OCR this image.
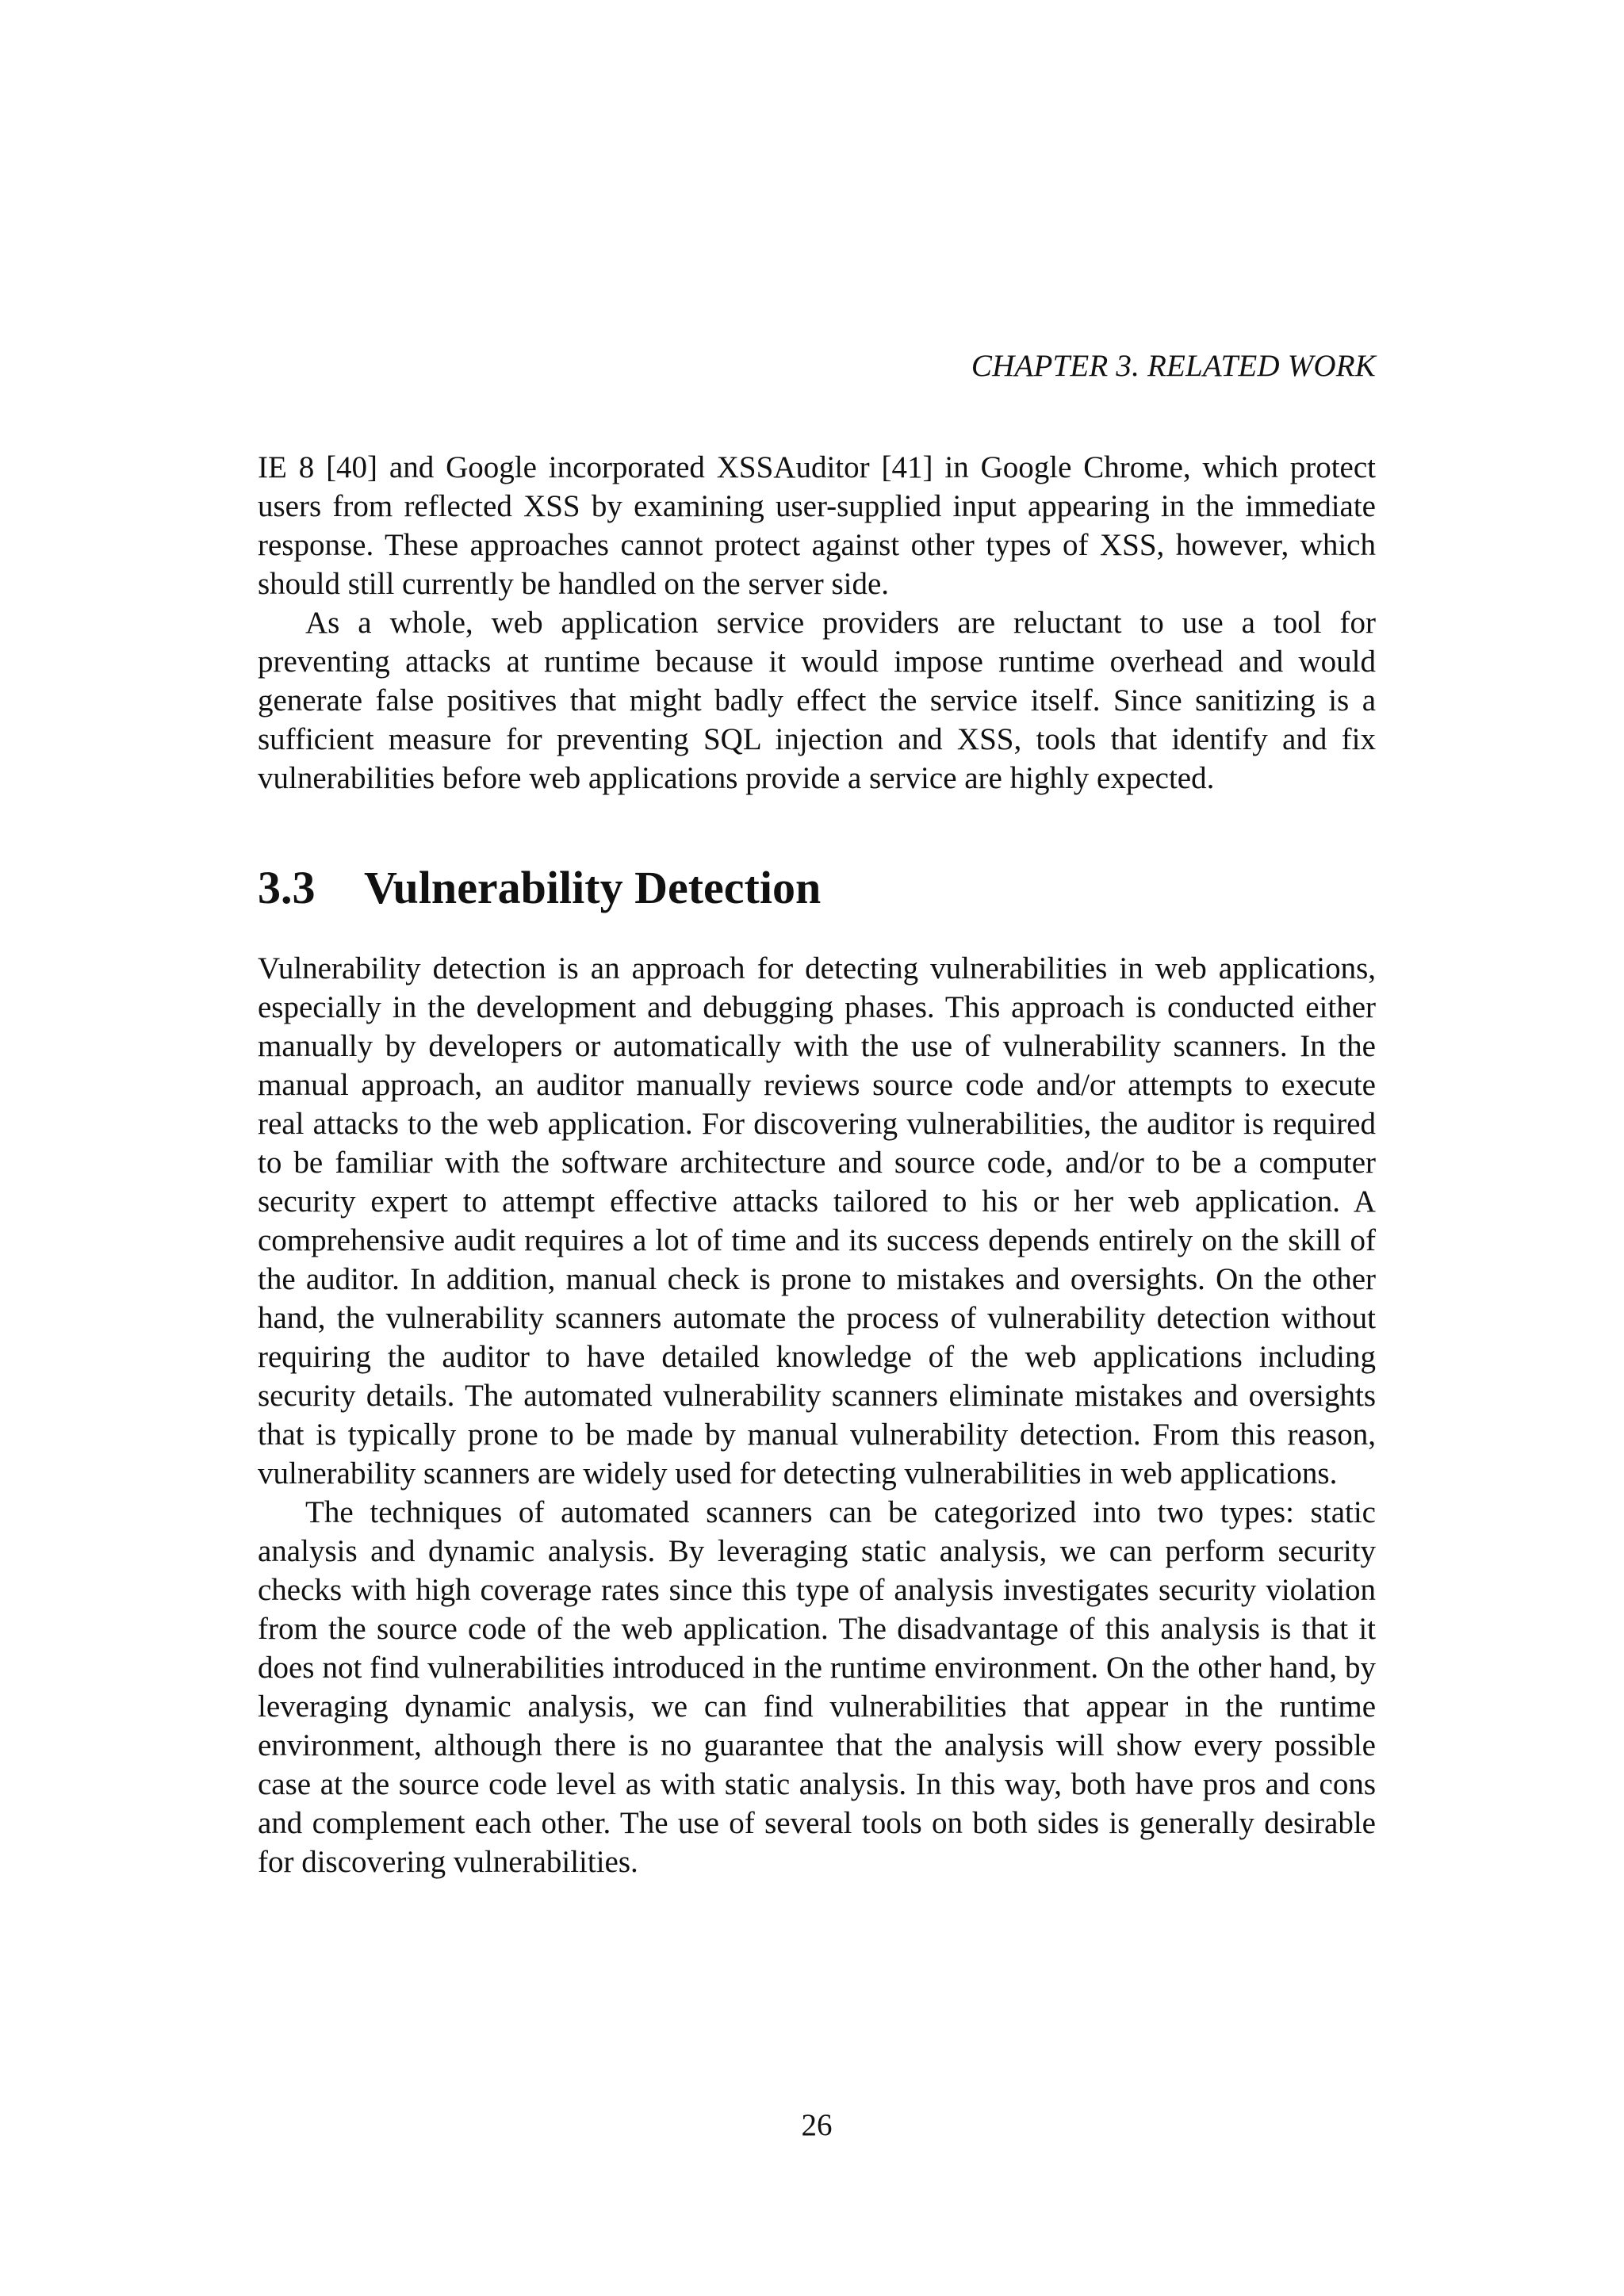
CHAPTER 3. RELATED WORK

IE 8 [40] and Google incorporated XSSAuditor [41] in Google Chrome, which protect users from reflected XSS by examining user-supplied input appearing in the immediate response. These approaches cannot protect against other types of XSS, however, which should still currently be handled on the server side.

As a whole, web application service providers are reluctant to use a tool for preventing attacks at runtime because it would impose runtime overhead and would generate false positives that might badly effect the service itself. Since sanitizing is a sufficient measure for preventing SQL injection and XSS, tools that identify and fix vulnerabilities before web applications provide a service are highly expected.

3.3 Vulnerability Detection

Vulnerability detection is an approach for detecting vulnerabilities in web applications, especially in the development and debugging phases. This approach is conducted either manually by developers or automatically with the use of vulnerability scanners. In the manual approach, an auditor manually reviews source code and/or attempts to execute real attacks to the web application. For discovering vulnerabilities, the auditor is required to be familiar with the software architecture and source code, and/or to be a computer security expert to attempt effective attacks tailored to his or her web application. A comprehensive audit requires a lot of time and its success depends entirely on the skill of the auditor. In addition, manual check is prone to mistakes and oversights. On the other hand, the vulnerability scanners automate the process of vulnerability detection without requiring the auditor to have detailed knowledge of the web applications including security details. The automated vulnerability scanners eliminate mistakes and oversights that is typically prone to be made by manual vulnerability detection. From this reason, vulnerability scanners are widely used for detecting vulnerabilities in web applications.

The techniques of automated scanners can be categorized into two types: static analysis and dynamic analysis. By leveraging static analysis, we can perform security checks with high coverage rates since this type of analysis investigates security violation from the source code of the web application. The disadvantage of this analysis is that it does not find vulnerabilities introduced in the runtime environment. On the other hand, by leveraging dynamic analysis, we can find vulnerabilities that appear in the runtime environment, although there is no guarantee that the analysis will show every possible case at the source code level as with static analysis. In this way, both have pros and cons and complement each other. The use of several tools on both sides is generally desirable for discovering vulnerabilities.

26
